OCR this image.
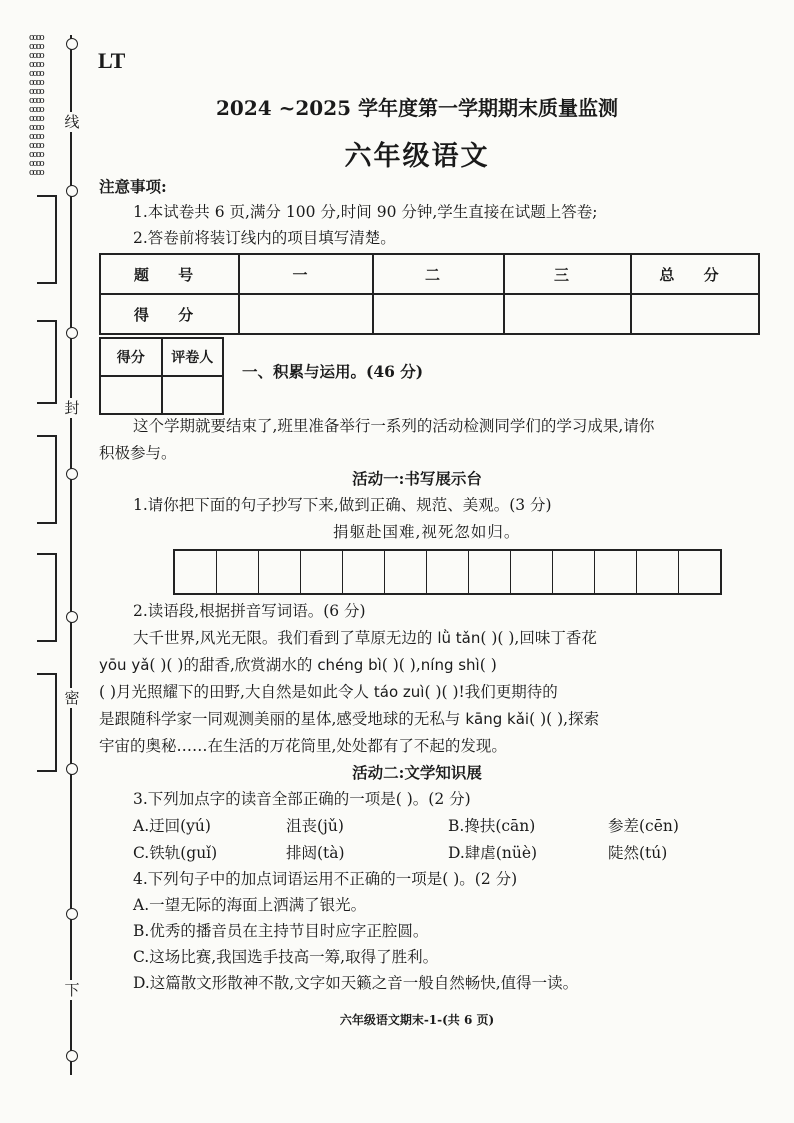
oooo
oooo
oooo
oooo
oooo
oooo
oooo
oooo
oooo
oooo
oooo
oooo
oooo
oooo
oooo
oooo
线
封
密
下
LT
2024 ~2025 学年度第一学期期末质量监测
六年级语文
注意事项:
1.本试卷共 6 页,满分 100 分,时间 90 分钟,学生直接在试题上答卷;
2.答卷前将装订线内的项目填写清楚。
题 号	一	二	三	总 分
得 分				
得分	评卷人

一、积累与运用。(46 分)
这个学期就要结束了,班里准备举行一系列的活动检测同学们的学习成果,请你
积极参与。
活动一:书写展示台
1.请你把下面的句子抄写下来,做到正确、规范、美观。(3 分)
捐躯赴国难,视死忽如归。
2.读语段,根据拼音写词语。(6 分)
大千世界,风光无限。我们看到了草原无边的 lǜ tǎn( )( ),回味丁香花
yōu yǎ( )( )的甜香,欣赏湖水的 chéng bì( )( ),níng shì( )
( )月光照耀下的田野,大自然是如此令人 táo zuì( )( )!我们更期待的
是跟随科学家一同观测美丽的星体,感受地球的无私与 kāng kǎi( )( ),探索
宇宙的奥秘……在生活的万花筒里,处处都有了不起的发现。
活动二:文学知识展
3.下列加点字的读音全部正确的一项是( )。(2 分)
A.迂回(yú)	沮丧(jǔ)	B.搀扶(cān)	参差(cēn)
C.铁轨(guǐ)	排闼(tà)	D.肆虐(nüè)	陡然(tú)
4.下列句子中的加点词语运用不正确的一项是( )。(2 分)
A.一望无际的海面上洒满了银光。
B.优秀的播音员在主持节目时应字正腔圆。
C.这场比赛,我国选手技高一筹,取得了胜利。
D.这篇散文形散神不散,文字如天籁之音一般自然畅快,值得一读。
六年级语文期末-1-(共 6 页)
